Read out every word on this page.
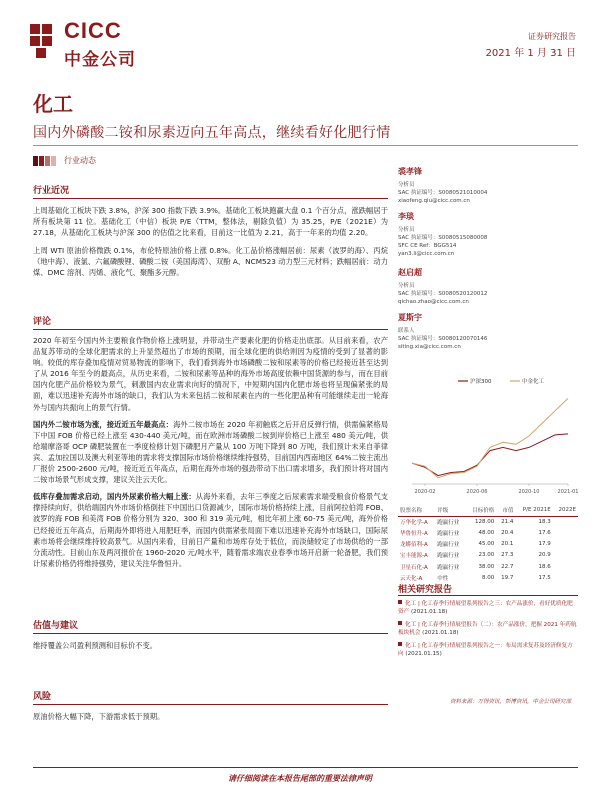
CICC
中金公司
证券研究报告
2021 年 1 月 31 日
化工
国内外磷酸二铵和尿素迈向五年高点，继续看好化肥行情
行业动态
行业近况
上周基础化工板块下跌 3.8%，沪深 300 指数下跌 3.9%。基础化工板块跑赢大盘 0.1 个百分点，涨跌幅居于所有板块第 11 位。基础化工（中信）板块 P/E（TTM，整体法，剔除负值）为 35.25，P/E（2021E）为 27.18，从基础化工板块与沪深 300 的估值之比来看，目前这一比值为 2.21，高于一年来的均值 2.20。
上周 WTI 原油价格微跌 0.1%，布伦特原油价格上涨 0.8%。化工品价格涨幅居前：尿素（波罗的海）、丙烷（地中海）、液氯、六氟磷酸锂、磷酸二铵（美国海湾）、双酚 A、NCM523 动力型三元材料；跌幅居前：动力煤、DMC 溶剂、丙烯、液化气、聚酯多元醇。
评论
2020 年初至今国内外主要粮食作物价格上涨明显，并带动生产要素化肥的价格走出底部。从目前来看，农产品复苏带动的全球化肥需求的上升显然超出了市场的预期，而全球化肥的供给则因为疫情的受到了显著的影响。较低的库存叠加疫情对贸易物流的影响下，我们看到海外市场磷酸二铵和尿素等的价格已经接近甚至达到了从 2016 年至今的最高点，从历史来看，二铵和尿素等品种的海外市场高度依赖中国货源的参与，而在目前国内化肥产品价格较为景气，刺激国内农业需求向好的情况下，中短期内国内化肥市场也将呈现偏紧张的局面，难以迅速补充海外市场的缺口，我们认为未来包括二铵和尿素在内的一些化肥品种有可能继续走出一轮海外与国内共振向上的景气行情。
国内外二铵市场为涨，接近近五年最高点：海外二铵市场在 2020 年初触底之后开启反弹行情，供需偏紧格局下中国 FOB 价格已经上涨至 430-440 美元/吨，而在欧洲市场磷酸二铵到岸价格已上涨至 480 美元/吨，供给端摩洛哥 OCP 磷肥装置在一季度检修计划下磷肥月产量从 100 万吨下降到 80 万吨，我们预计未来自菲律宾、孟加拉国以及澳大利亚等地的需求将支撑国际市场价格继续维持强势，目前国内西南地区 64%二铵主流出厂报价 2500-2600 元/吨，接近近五年高点，后期在海外市场的强劲带动下出口需求增多，我们预计将对国内二铵市场景气形成支撑，建议关注云天化。
低库存叠加需求启动，国内外尿素价格大幅上涨：从海外来看，去年三季度之后尿素需求端受粮食价格景气支撑持续向好，供给端国内外市场价格倒挂下中国出口货源减少，国际市场价格持续上涨，目前阿拉伯湾 FOB、波罗的海 FOB 和美湾 FOB 价格分别为 320、300 和 319 美元/吨，相比年初上涨 60-75 美元/吨，海外价格已经接近五年高点，后期海外即将进入用肥旺季，而国内供需紧张局面下难以迅速补充海外市场缺口，国际尿素市场将会继续维持较高景气。从国内来看，目前日产量和市场库存处于低位，而淡储较定了市场供给的一部分流动性。目前山东及两河报价在 1960-2020 元/吨水平，随着需求端农业春季市场开启新一轮备肥，我们预计尿素价格仍将维持强势，建议关注华鲁恒升。
估值与建议
维持覆盖公司盈利预测和目标价不变。
风险
原油价格大幅下降，下游需求低于预期。
裘孝锋
分析员
SAC 执证编号：S0080521010004
xiaofeng.qiu@cicc.com.cn
李琰
分析员
SAC 执证编号：S0080515080008
SFC CE Ref：BGG514
yan3.li@cicc.com.cn
赵启超
分析员
SAC 执证编号：S0080520120012
qichao.zhao@cicc.com.cn
夏斯宇
联系人
SAC 执证编号：S0080120070146
siting.xia@cicc.com.cn
沪深300	中金化工
2020-02	2020-06	2020-10	2021-01
股票名称	评级	目标价格	市值	P/E 2021E	2022E
万华化学-A	跑赢行业	128.00	21.4	18.3	
华鲁恒升-A	跑赢行业	48.00	20.4	17.6	
龙蟒佰利-A	跑赢行业	45.00	20.1	17.9	
宝丰能源-A	跑赢行业	23.00	27.3	20.9	
卫星石化-A	跑赢行业	38.00	22.7	18.6	
云天化-A	中性	8.00	19.7	17.5	
相关研究报告
化工 | 化工春季行情展望系列报告之三：农产品涨价，看好优质化肥资产 (2021.01.18)
化工 | 化工春季行情展望报告（二）：农产品涨价，把握 2021 年药航板块机会 (2021.01.18)
化工 | 化工春季行情展望系列报告之一：布局需求复苏及经济修复方向 (2021.01.15)
资料来源：万得资讯，彭博资讯，中金公司研究部
请仔细阅读在本报告尾部的重要法律声明
